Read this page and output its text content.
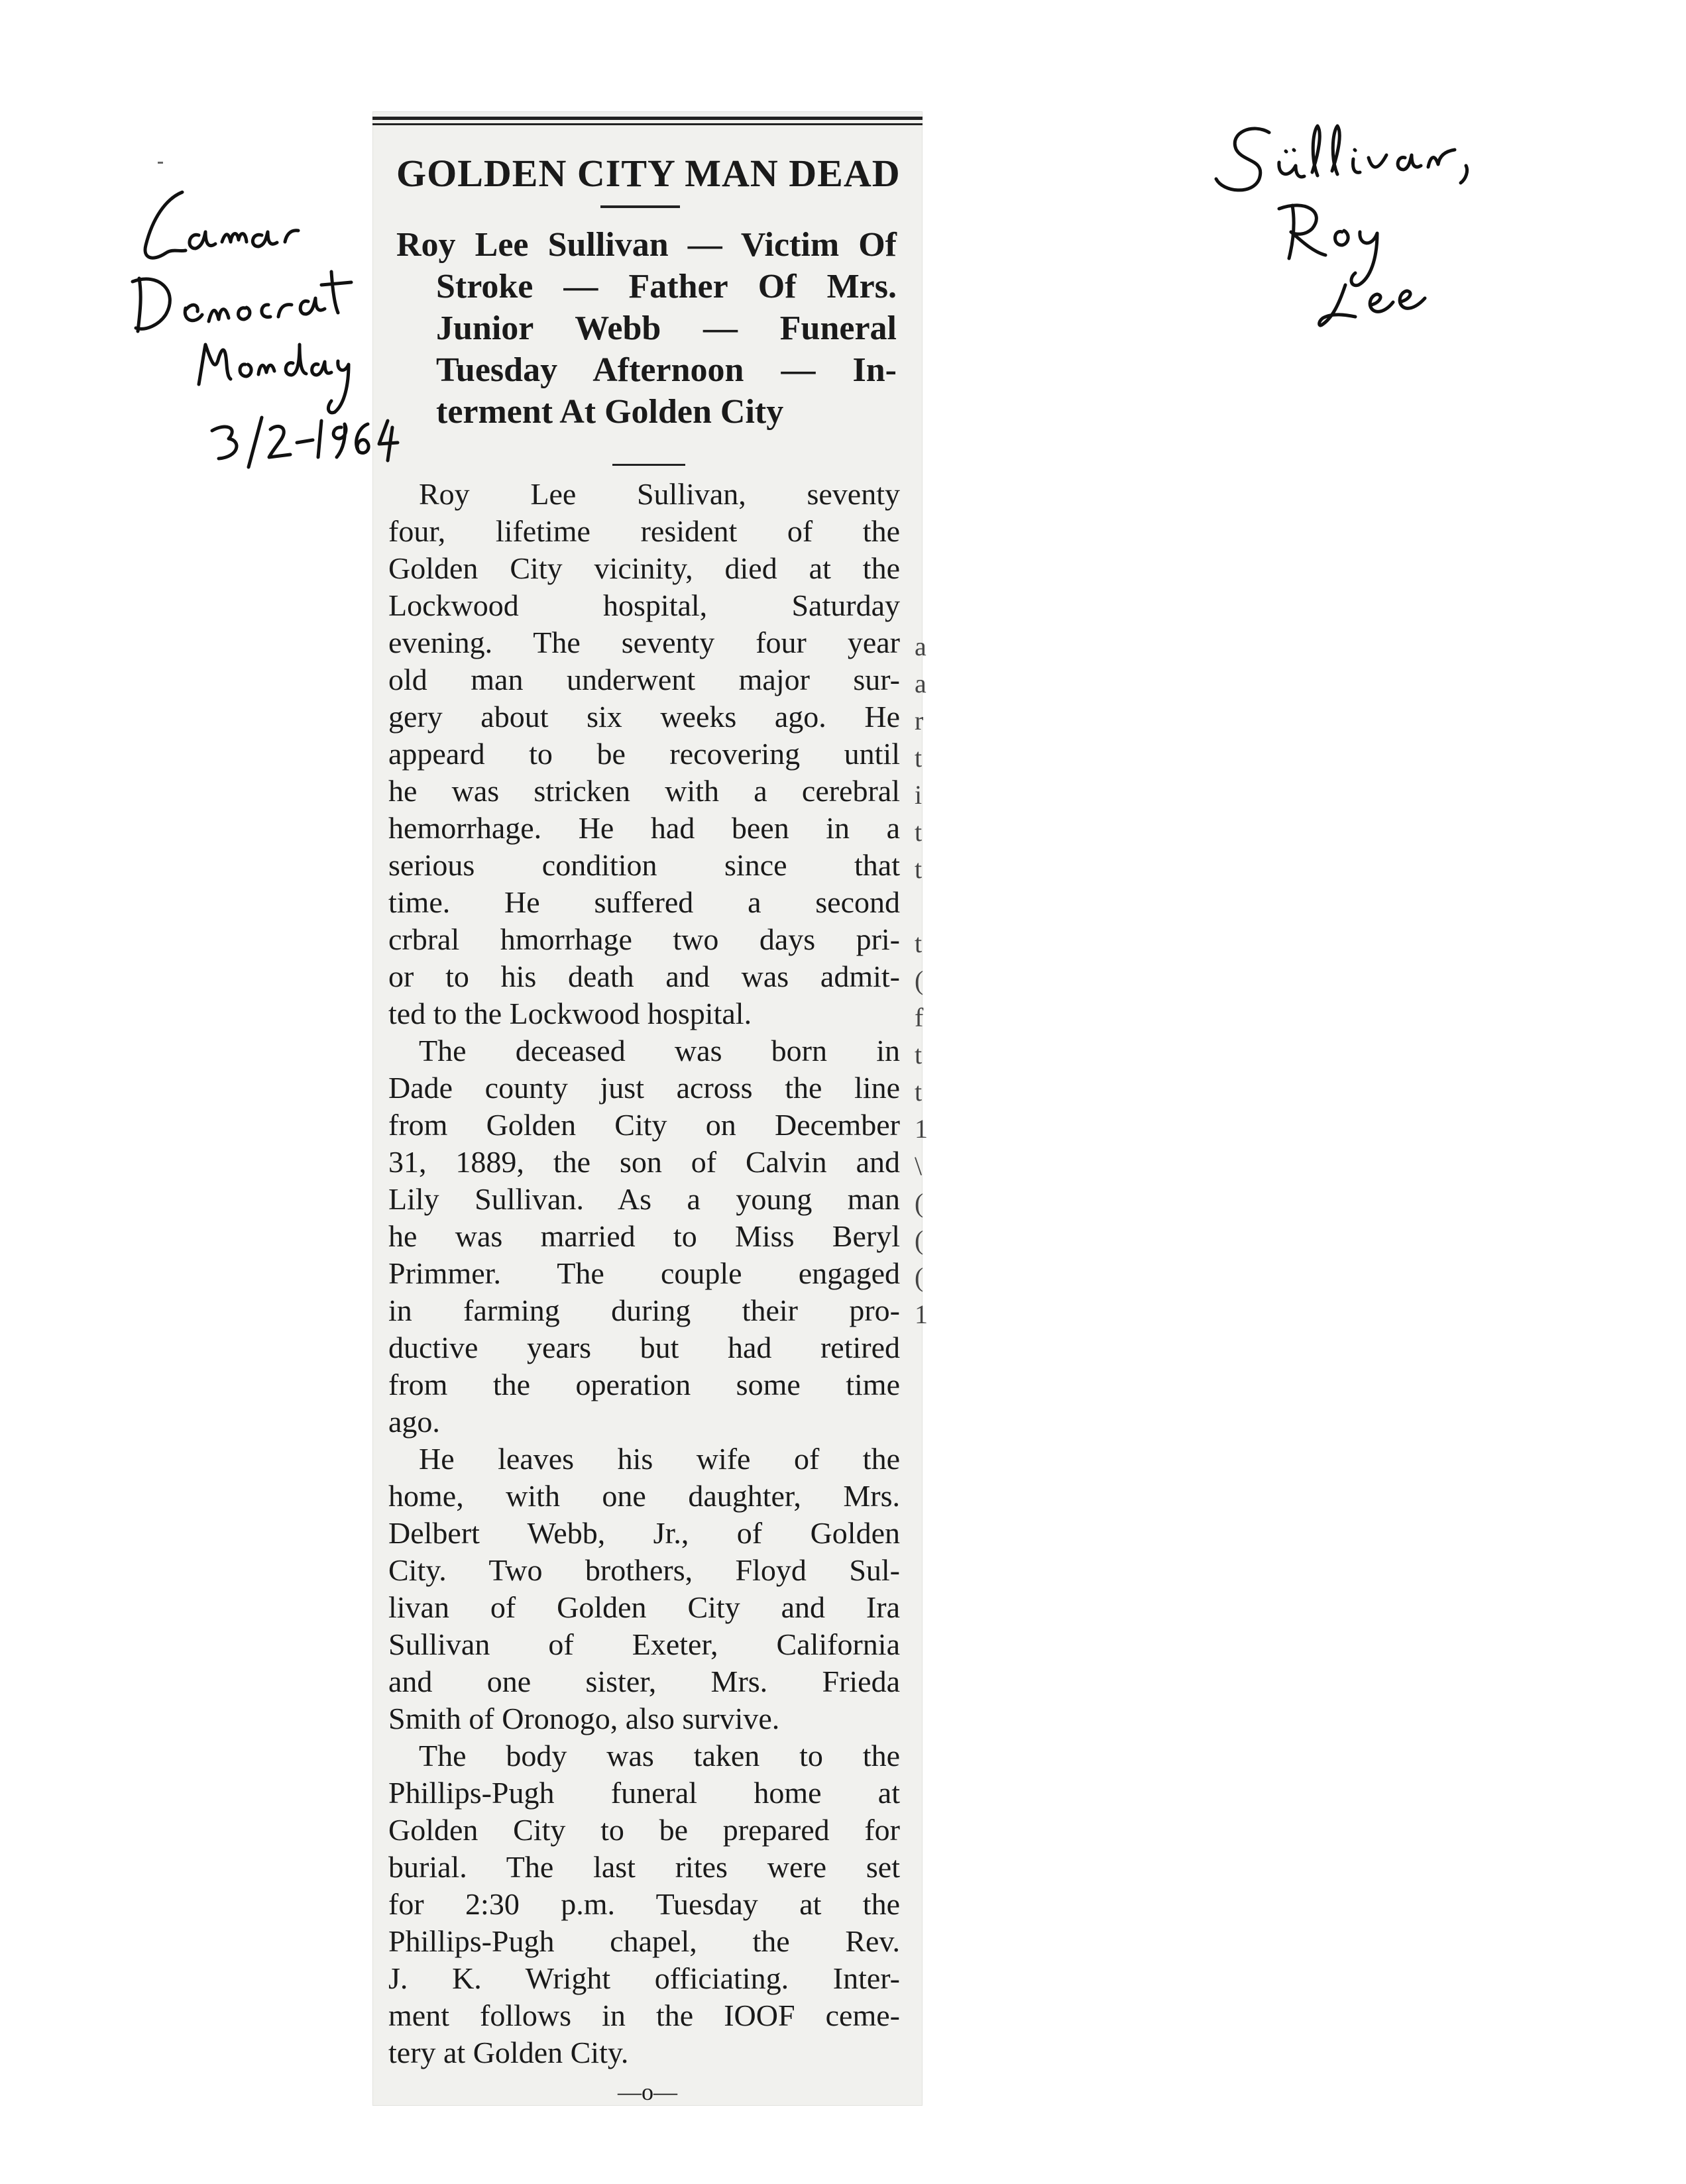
GOLDEN CITY MAN DEAD
Roy Lee Sullivan — Victim Of
Stroke — Father Of Mrs.
Junior Webb — Funeral
Tuesday Afternoon — In-
terment At Golden City
Roy Lee Sullivan, seventy
four, lifetime resident of the
Golden City vicinity, died at the
Lockwood hospital, Saturday
evening. The seventy four year
old man underwent major sur-
gery about six weeks ago. He
appeard to be recovering until
he was stricken with a cerebral
hemorrhage. He had been in a
serious condition since that
time. He suffered a second
crbral hmorrhage two days pri-
or to his death and was admit-
ted to the Lockwood hospital.
The deceased was born in
Dade county just across the line
from Golden City on December
31, 1889, the son of Calvin and
Lily Sullivan. As a young man
he was married to Miss Beryl
Primmer. The couple engaged
in farming during their pro-
ductive years but had retired
from the operation some time
ago.
He leaves his wife of the
home, with one daughter, Mrs.
Delbert Webb, Jr., of Golden
City. Two brothers, Floyd Sul-
livan of Golden City and Ira
Sullivan of Exeter, California
and one sister, Mrs. Frieda
Smith of Oronogo, also survive.
The body was taken to the
Phillips-Pugh funeral home at
Golden City to be prepared for
burial. The last rites were set
for 2:30 p.m. Tuesday at the
Phillips-Pugh chapel, the Rev.
J. K. Wright officiating. Inter-
ment follows in the IOOF ceme-
tery at Golden City.
a
a
r
t
i
t
t
t
(
f
t
t
1
\
(
(
(
1
—o—
